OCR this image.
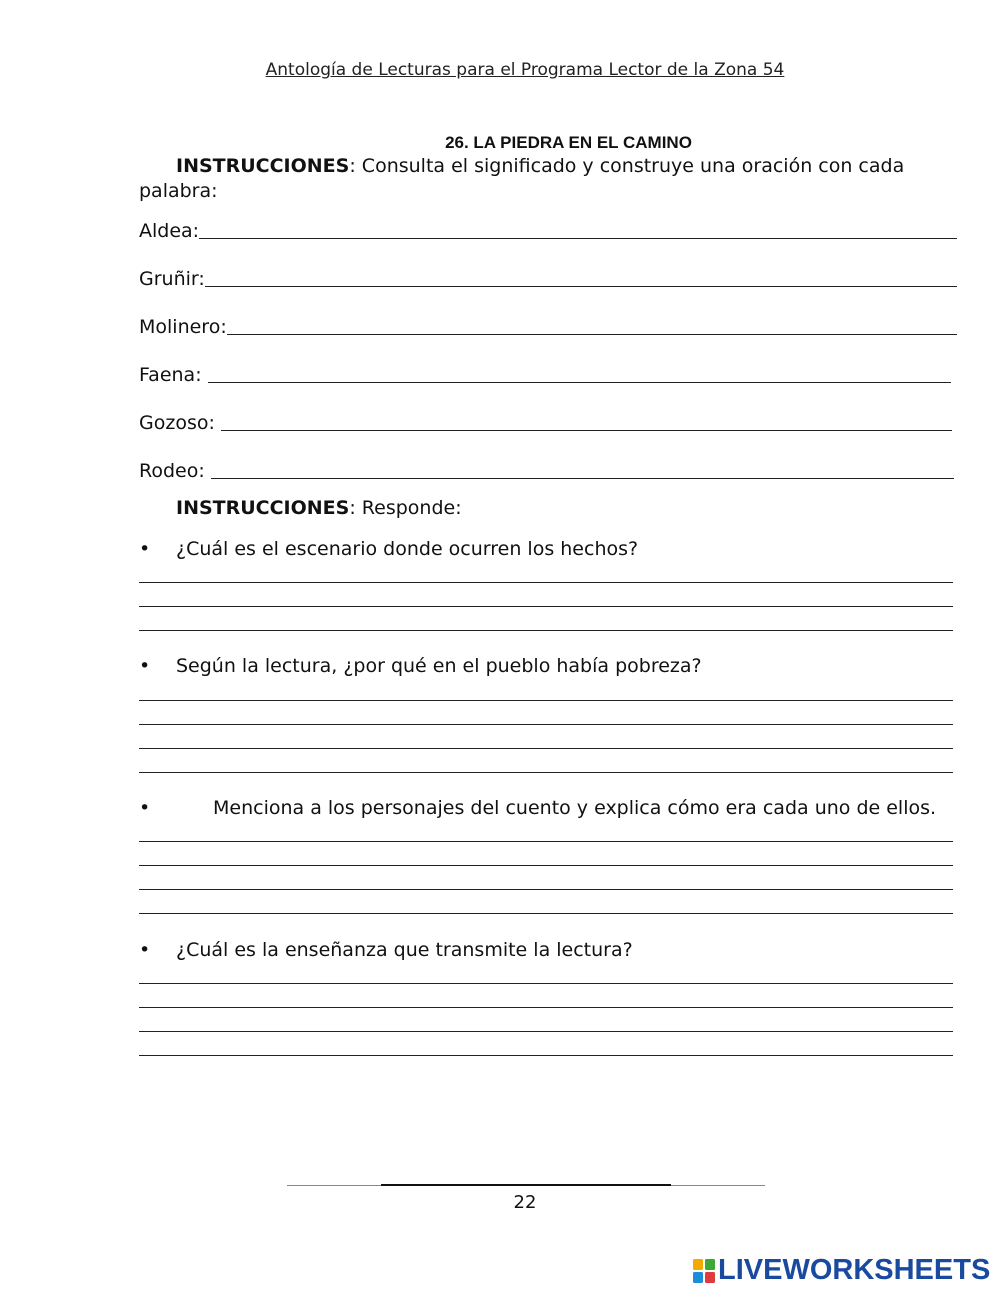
Antología de Lecturas para el Programa Lector de la Zona 54
26. LA PIEDRA EN EL CAMINO
INSTRUCCIONES: Consulta el significado y construye una oración con cada palabra:
Aldea:
Gruñir:
Molinero:
Faena:
Gozoso:
Rodeo:
INSTRUCCIONES: Responde:
• ¿Cuál es el escenario donde ocurren los hechos?
• Según la lectura, ¿por qué en el pueblo había pobreza?
•	Menciona a los personajes del cuento y explica cómo era cada uno de ellos.
• ¿Cuál es la enseñanza que transmite la lectura?
22
LIVEWORKSHEETS
